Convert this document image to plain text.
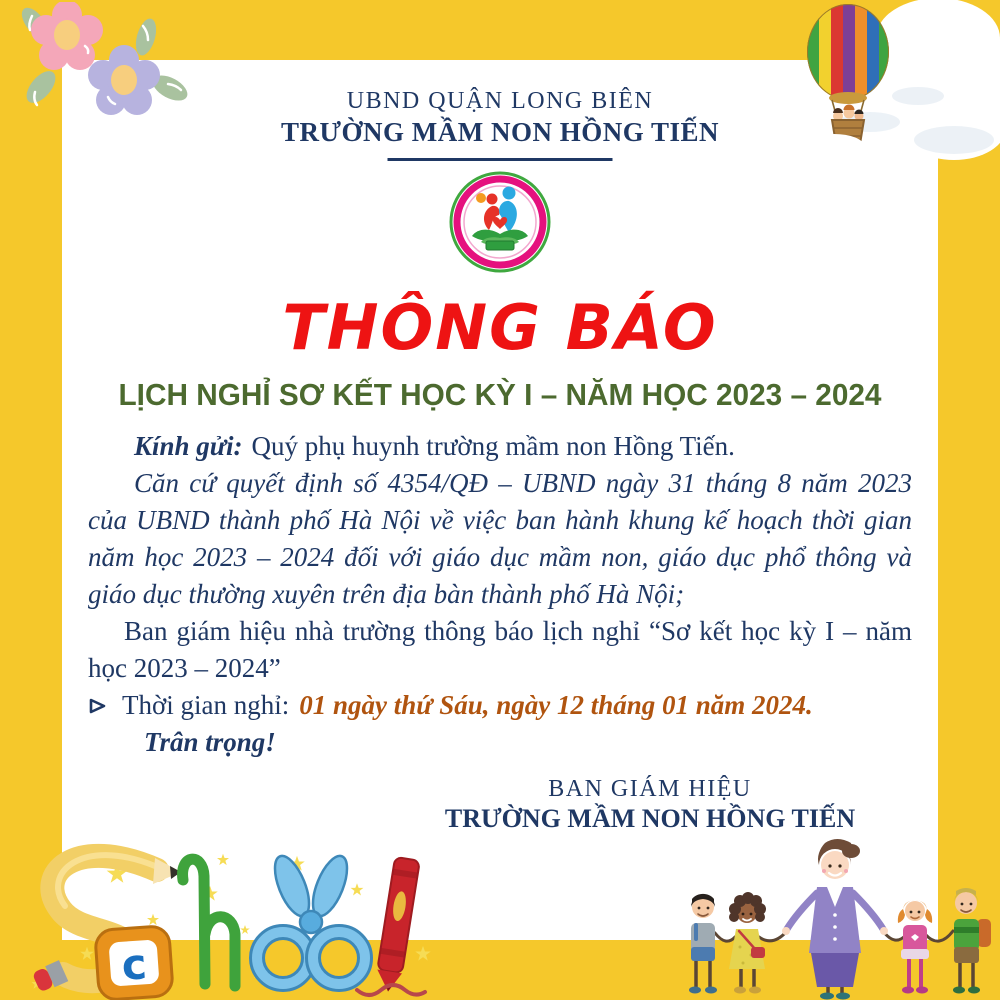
UBND QUẬN LONG BIÊN
TRƯỜNG MẦM NON HỒNG TIẾN
THÔNG BÁO
LỊCH NGHỈ SƠ KẾT HỌC KỲ I – NĂM HỌC 2023 – 2024

Kính gửi: Quý phụ huynh trường mầm non Hồng Tiến.

Căn cứ quyết định số 4354/QĐ – UBND ngày 31 tháng 8 năm 2023 của UBND thành phố Hà Nội về việc ban hành khung kế hoạch thời gian năm học 2023 – 2024 đối với giáo dục mầm non, giáo dục phổ thông và giáo dục thường xuyên trên địa bàn thành phố Hà Nội;

Ban giám hiệu nhà trường thông báo lịch nghỉ “Sơ kết học kỳ I – năm học 2023 – 2024”

Thời gian nghỉ: 01 ngày thứ Sáu, ngày 12 tháng 01 năm 2024.

Trân trọng!

BAN GIÁM HIỆU
TRƯỜNG MẦM NON HỒNG TIẾN
c
